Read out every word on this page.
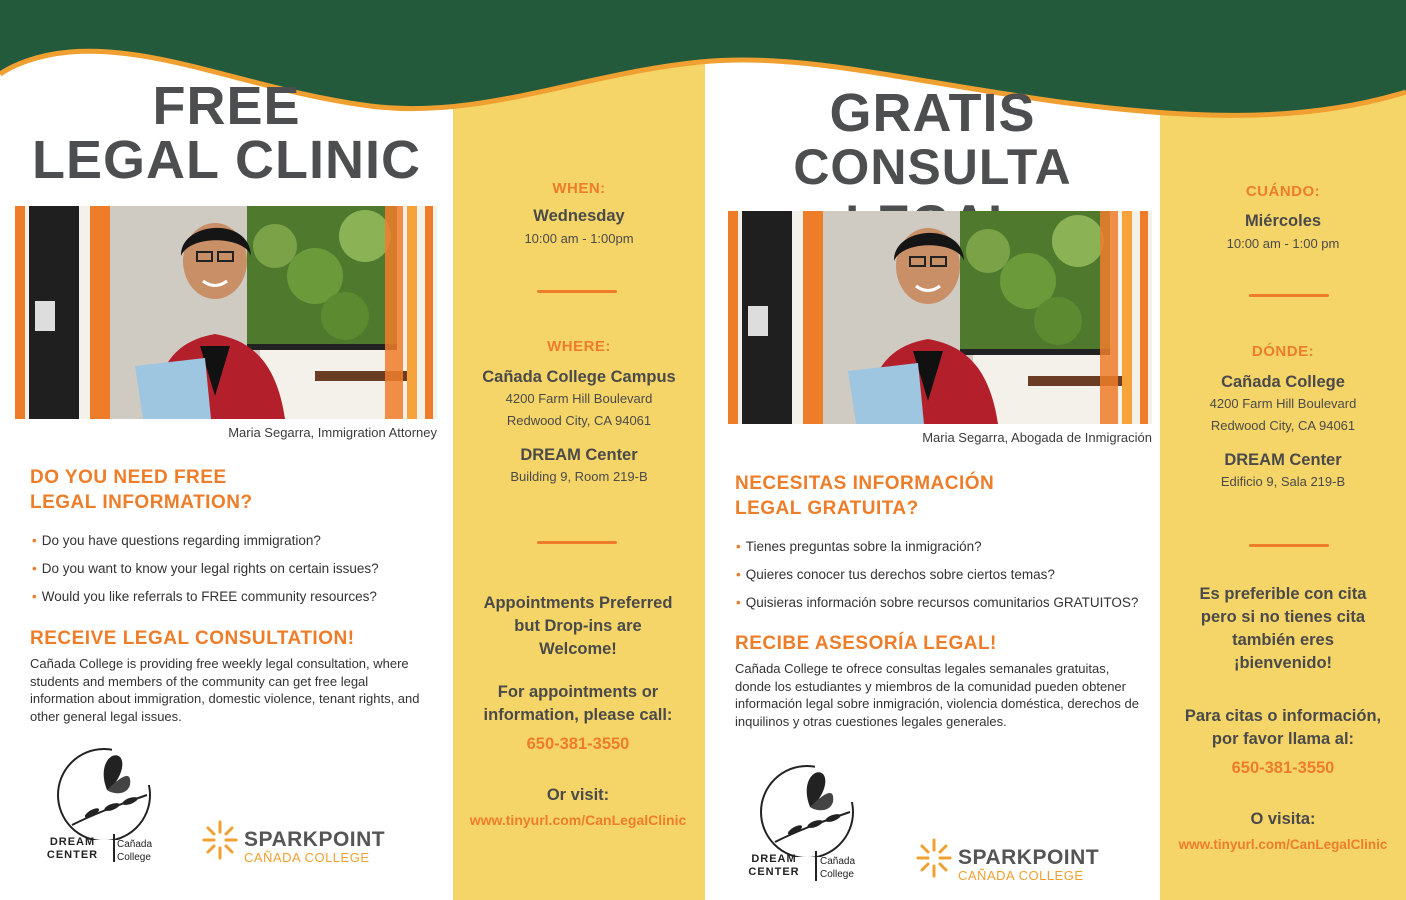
FREE
LEGAL CLINIC
Maria Segarra, Immigration Attorney
DO YOU NEED FREE
LEGAL INFORMATION?
• Do you have questions regarding immigration?
• Do you want to know your legal rights on certain issues?
• Would you like referrals to FREE community resources?
RECEIVE LEGAL CONSULTATION!
Cañada College is providing free weekly legal consultation, where students and members of the community can get free legal information about immigration, domestic violence, tenant rights, and other general legal issues.
DREAM
CENTER
Cañada
College
SPARKPOINT
CAÑADA COLLEGE
WHEN:
Wednesday
10:00 am - 1:00pm
WHERE:
Cañada College Campus
4200 Farm Hill Boulevard
Redwood City, CA 94061
DREAM Center
Building 9, Room 219-B
Appointments Preferred but Drop-ins are Welcome!
For appointments or information, please call:
650-381-3550
Or visit:
www.tinyurl.com/CanLegalClinic
GRATIS
CONSULTA
Maria Segarra, Abogada de Inmigración
NECESITAS INFORMACIÓN
LEGAL GRATUITA?
• Tienes preguntas sobre la inmigración?
• Quieres conocer tus derechos sobre ciertos temas?
• Quisieras información sobre recursos comunitarios GRATUITOS?
RECIBE ASESORÍA LEGAL!
Cañada College te ofrece consultas legales semanales gratuitas, donde los estudiantes y miembros de la comunidad pueden obtener información legal sobre inmigración, violencia doméstica, derechos de inquilinos y otras cuestiones legales generales.
DREAM
CENTER
Cañada
College
SPARKPOINT
CAÑADA COLLEGE
CUÁNDO:
Miércoles
10:00 am - 1:00 pm
DÓNDE:
Cañada College
4200 Farm Hill Boulevard
Redwood City, CA 94061
DREAM Center
Edificio 9, Sala 219-B
Es preferible con cita pero si no tienes cita también eres ¡bienvenido!
Para citas o información, por favor llama al:
650-381-3550
O visita:
www.tinyurl.com/CanLegalClinic
